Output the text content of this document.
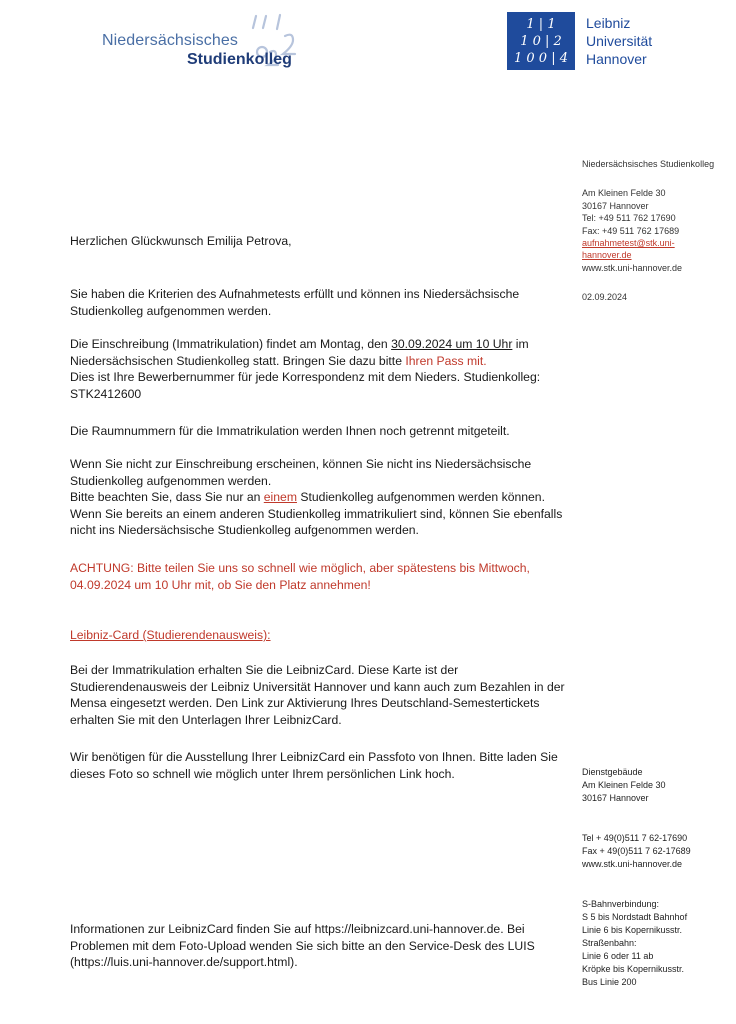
Niedersächsisches
Studienkolleg
1 | 1
1 0 | 2
1 0 0 | 4
Leibniz
Universität
Hannover
Niedersächsisches Studienkolleg
Am Kleinen Felde 30
30167 Hannover
Tel: +49 511 762 17690
Fax: +49 511 762 17689
aufnahmetest@stk.uni-
hannover.de
www.stk.uni-hannover.de
02.09.2024
Herzlichen Glückwunsch Emilija Petrova,
Sie haben die Kriterien des Aufnahmetests erfüllt und können ins Niedersächsische Studienkolleg aufgenommen werden.
Die Einschreibung (Immatrikulation) findet am Montag, den 30.09.2024 um 10 Uhr im Niedersächsischen Studienkolleg statt. Bringen Sie dazu bitte Ihren Pass mit.
Dies ist Ihre Bewerbernummer für jede Korrespondenz mit dem Nieders. Studienkolleg:
STK2412600
Die Raumnummern für die Immatrikulation werden Ihnen noch getrennt mitgeteilt.
Wenn Sie nicht zur Einschreibung erscheinen, können Sie nicht ins Niedersächsische Studienkolleg aufgenommen werden.
Bitte beachten Sie, dass Sie nur an einem Studienkolleg aufgenommen werden können. Wenn Sie bereits an einem anderen Studienkolleg immatrikuliert sind, können Sie ebenfalls nicht ins Niedersächsische Studienkolleg aufgenommen werden.
ACHTUNG: Bitte teilen Sie uns so schnell wie möglich, aber spätestens bis Mittwoch, 04.09.2024 um 10 Uhr mit, ob Sie den Platz annehmen!
Leibniz-Card (Studierendenausweis):
Bei der Immatrikulation erhalten Sie die LeibnizCard. Diese Karte ist der Studierendenausweis der Leibniz Universität Hannover und kann auch zum Bezahlen in der Mensa eingesetzt werden. Den Link zur Aktivierung Ihres Deutschland-Semestertickets erhalten Sie mit den Unterlagen Ihrer LeibnizCard.
Wir benötigen für die Ausstellung Ihrer LeibnizCard ein Passfoto von Ihnen. Bitte laden Sie dieses Foto so schnell wie möglich unter Ihrem persönlichen Link hoch.
Informationen zur LeibnizCard finden Sie auf https://leibnizcard.uni-hannover.de. Bei Problemen mit dem Foto-Upload wenden Sie sich bitte an den Service-Desk des LUIS (https://luis.uni-hannover.de/support.html).
Dienstgebäude
Am Kleinen Felde 30
30167 Hannover
Tel + 49(0)511 7 62-17690
Fax + 49(0)511 7 62-17689
www.stk.uni-hannover.de
S-Bahnverbindung:
S 5 bis Nordstadt Bahnhof
Linie 6 bis Kopernikusstr.
Straßenbahn:
Linie 6 oder 11 ab
Kröpke bis Kopernikusstr.
Bus Linie 200
